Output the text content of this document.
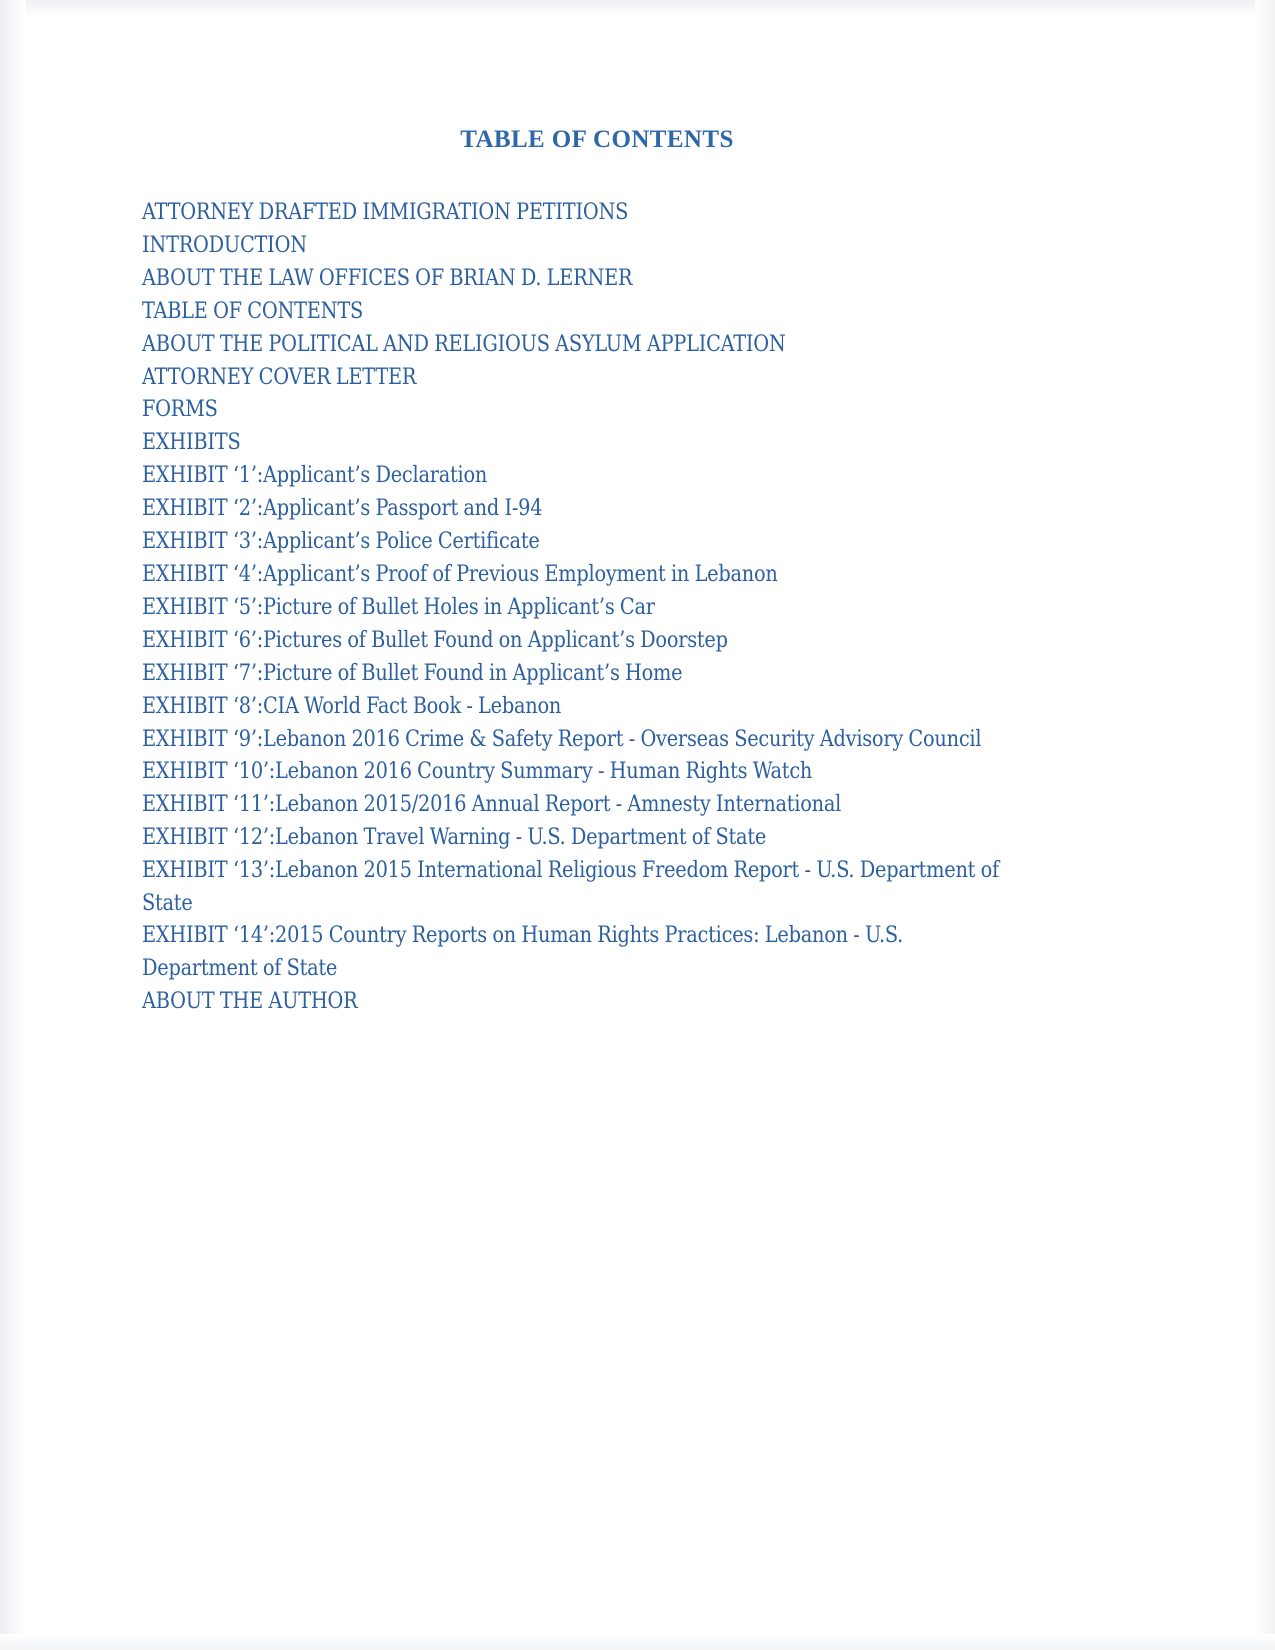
TABLE OF CONTENTS
ATTORNEY DRAFTED IMMIGRATION PETITIONS
INTRODUCTION
ABOUT THE LAW OFFICES OF BRIAN D. LERNER
TABLE OF CONTENTS
ABOUT THE POLITICAL AND RELIGIOUS ASYLUM APPLICATION
ATTORNEY COVER LETTER
FORMS
EXHIBITS
EXHIBIT ‘1’:Applicant’s Declaration
EXHIBIT ‘2’:Applicant’s Passport and I-94
EXHIBIT ‘3’:Applicant’s Police Certificate
EXHIBIT ‘4’:Applicant’s Proof of Previous Employment in Lebanon
EXHIBIT ‘5’:Picture of Bullet Holes in Applicant’s Car
EXHIBIT ‘6’:Pictures of Bullet Found on Applicant’s Doorstep
EXHIBIT ‘7’:Picture of Bullet Found in Applicant’s Home
EXHIBIT ‘8’:CIA World Fact Book - Lebanon
EXHIBIT ‘9’:Lebanon 2016 Crime & Safety Report - Overseas Security Advisory Council
EXHIBIT ‘10’:Lebanon 2016 Country Summary - Human Rights Watch
EXHIBIT ‘11’:Lebanon 2015/2016 Annual Report - Amnesty International
EXHIBIT ‘12’:Lebanon Travel Warning - U.S. Department of State
EXHIBIT ‘13’:Lebanon 2015 International Religious Freedom Report - U.S. Department of State
EXHIBIT ‘14’:2015 Country Reports on Human Rights Practices: Lebanon - U.S. Department of State
ABOUT THE AUTHOR
